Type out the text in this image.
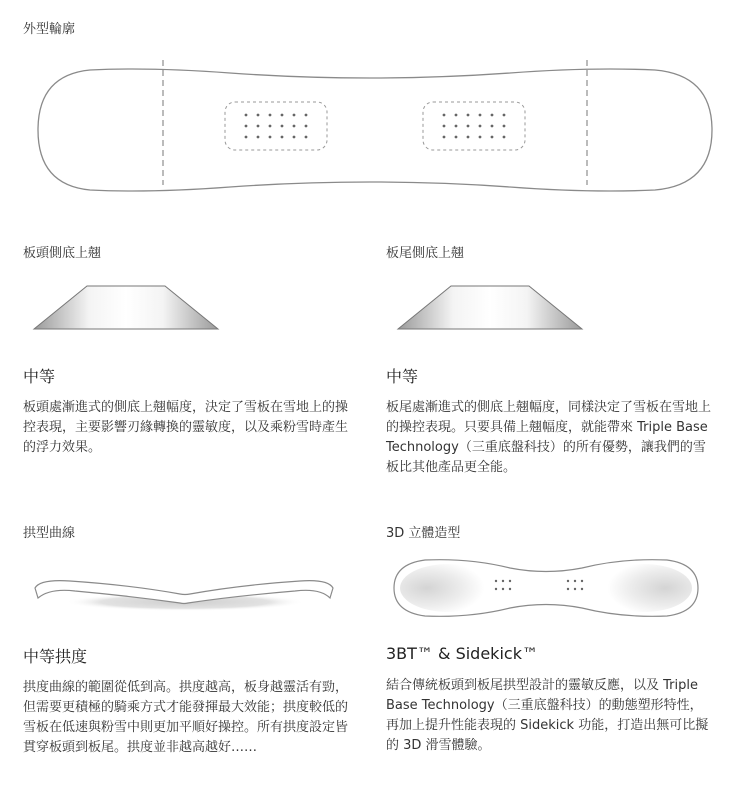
外型輪廓
板頭側底上翹
中等
板頭處漸進式的側底上翹幅度，決定了雪板在雪地上的操控表現，主要影響刃緣轉換的靈敏度，以及乘粉雪時產生的浮力效果。
板尾側底上翹
中等
板尾處漸進式的側底上翹幅度，同樣決定了雪板在雪地上的操控表現。只要具備上翹幅度，就能帶來 Triple Base Technology（三重底盤科技）的所有優勢，讓我們的雪板比其他產品更全能。
拱型曲線
中等拱度
拱度曲線的範圍從低到高。拱度越高，板身越靈活有勁，但需要更積極的騎乘方式才能發揮最大效能；拱度較低的雪板在低速與粉雪中則更加平順好操控。所有拱度設定皆貫穿板頭到板尾。拱度並非越高越好……
3D 立體造型
3BT™ & Sidekick™
結合傳統板頭到板尾拱型設計的靈敏反應，以及 Triple Base Technology（三重底盤科技）的動態塑形特性，再加上提升性能表現的 Sidekick 功能，打造出無可比擬的 3D 滑雪體驗。
